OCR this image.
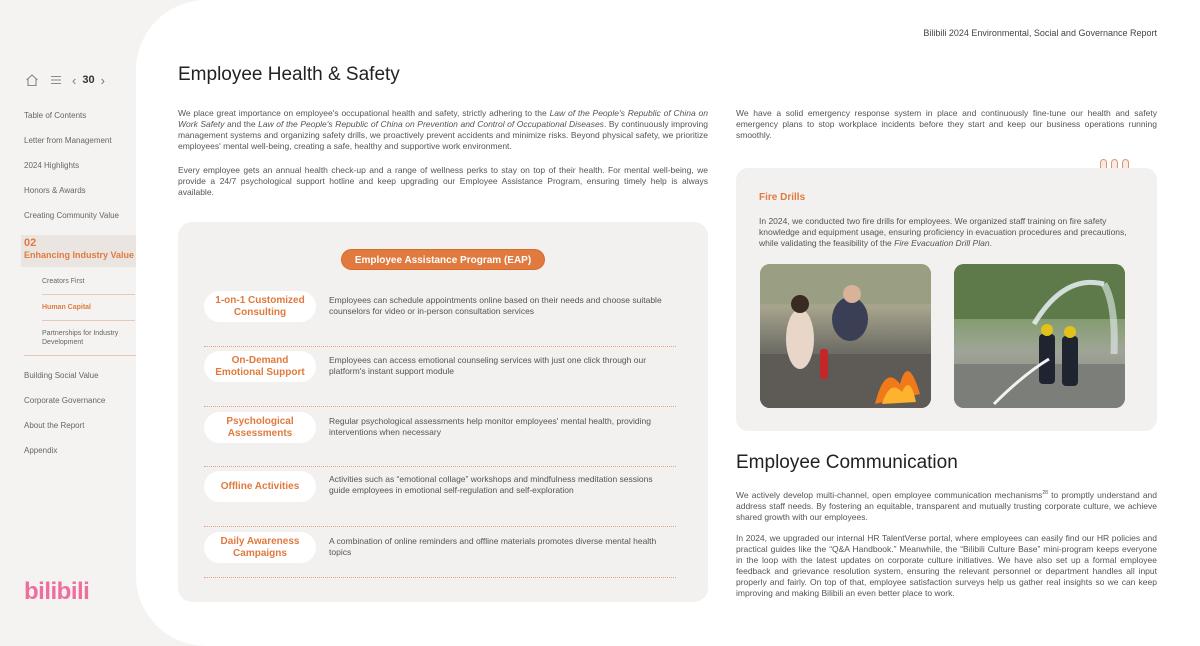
‹ 30 ›
Table of Contents
Letter from Management
2024 Highlights
Honors & Awards
Creating Community Value
02
Enhancing Industry Value
Creators First
Human Capital
Partnerships for Industry Development
Building Social Value
Corporate Governance
About the Report
Appendix
bilibili
Bilibili 2024 Environmental, Social and Governance Report
Employee Health & Safety

We place great importance on employee's occupational health and safety, strictly adhering to the Law of the People's Republic of China on Work Safety and the Law of the People's Republic of China on Prevention and Control of Occupational Diseases. By continuously improving management systems and organizing safety drills, we proactively prevent accidents and minimize risks. Beyond physical safety, we prioritize employees' mental well-being, creating a safe, healthy and supportive work environment.

Every employee gets an annual health check-up and a range of wellness perks to stay on top of their health. For mental well-being, we provide a 24/7 psychological support hotline and keep upgrading our Employee Assistance Program, ensuring timely help is always available.

Employee Assistance Program (EAP)
1-on-1 Customized Consulting
Employees can schedule appointments online based on their needs and choose suitable counselors for video or in-person consultation services
On-Demand Emotional Support
Employees can access emotional counseling services with just one click through our platform's instant support module
Psychological Assessments
Regular psychological assessments help monitor employees' mental health, providing interventions when necessary
Offline Activities
Activities such as “emotional collage” workshops and mindfulness meditation sessions guide employees in emotional self-regulation and self-exploration
Daily Awareness Campaigns
A combination of online reminders and offline materials promotes diverse mental health topics

We have a solid emergency response system in place and continuously fine-tune our health and safety emergency plans to stop workplace incidents before they start and keep our business operations running smoothly.

Fire Drills

In 2024, we conducted two fire drills for employees. We organized staff training on fire safety knowledge and equipment usage, ensuring proficiency in evacuation procedures and precautions, while validating the feasibility of the Fire Evacuation Drill Plan.

Employee Communication

We actively develop multi-channel, open employee communication mechanisms$^{28}$ to promptly understand and address staff needs. By fostering an equitable, transparent and mutually trusting corporate culture, we achieve shared growth with our employees.

In 2024, we upgraded our internal HR TalentVerse portal, where employees can easily find our HR policies and practical guides like the “Q&A Handbook.” Meanwhile, the “Bilibili Culture Base” mini-program keeps everyone in the loop with the latest updates on corporate culture initiatives. We have also set up a formal employee feedback and grievance resolution system, ensuring the relevant personnel or department handles all input properly and fairly. On top of that, employee satisfaction surveys help us gather real insights so we can keep improving and making Bilibili an even better place to work.
